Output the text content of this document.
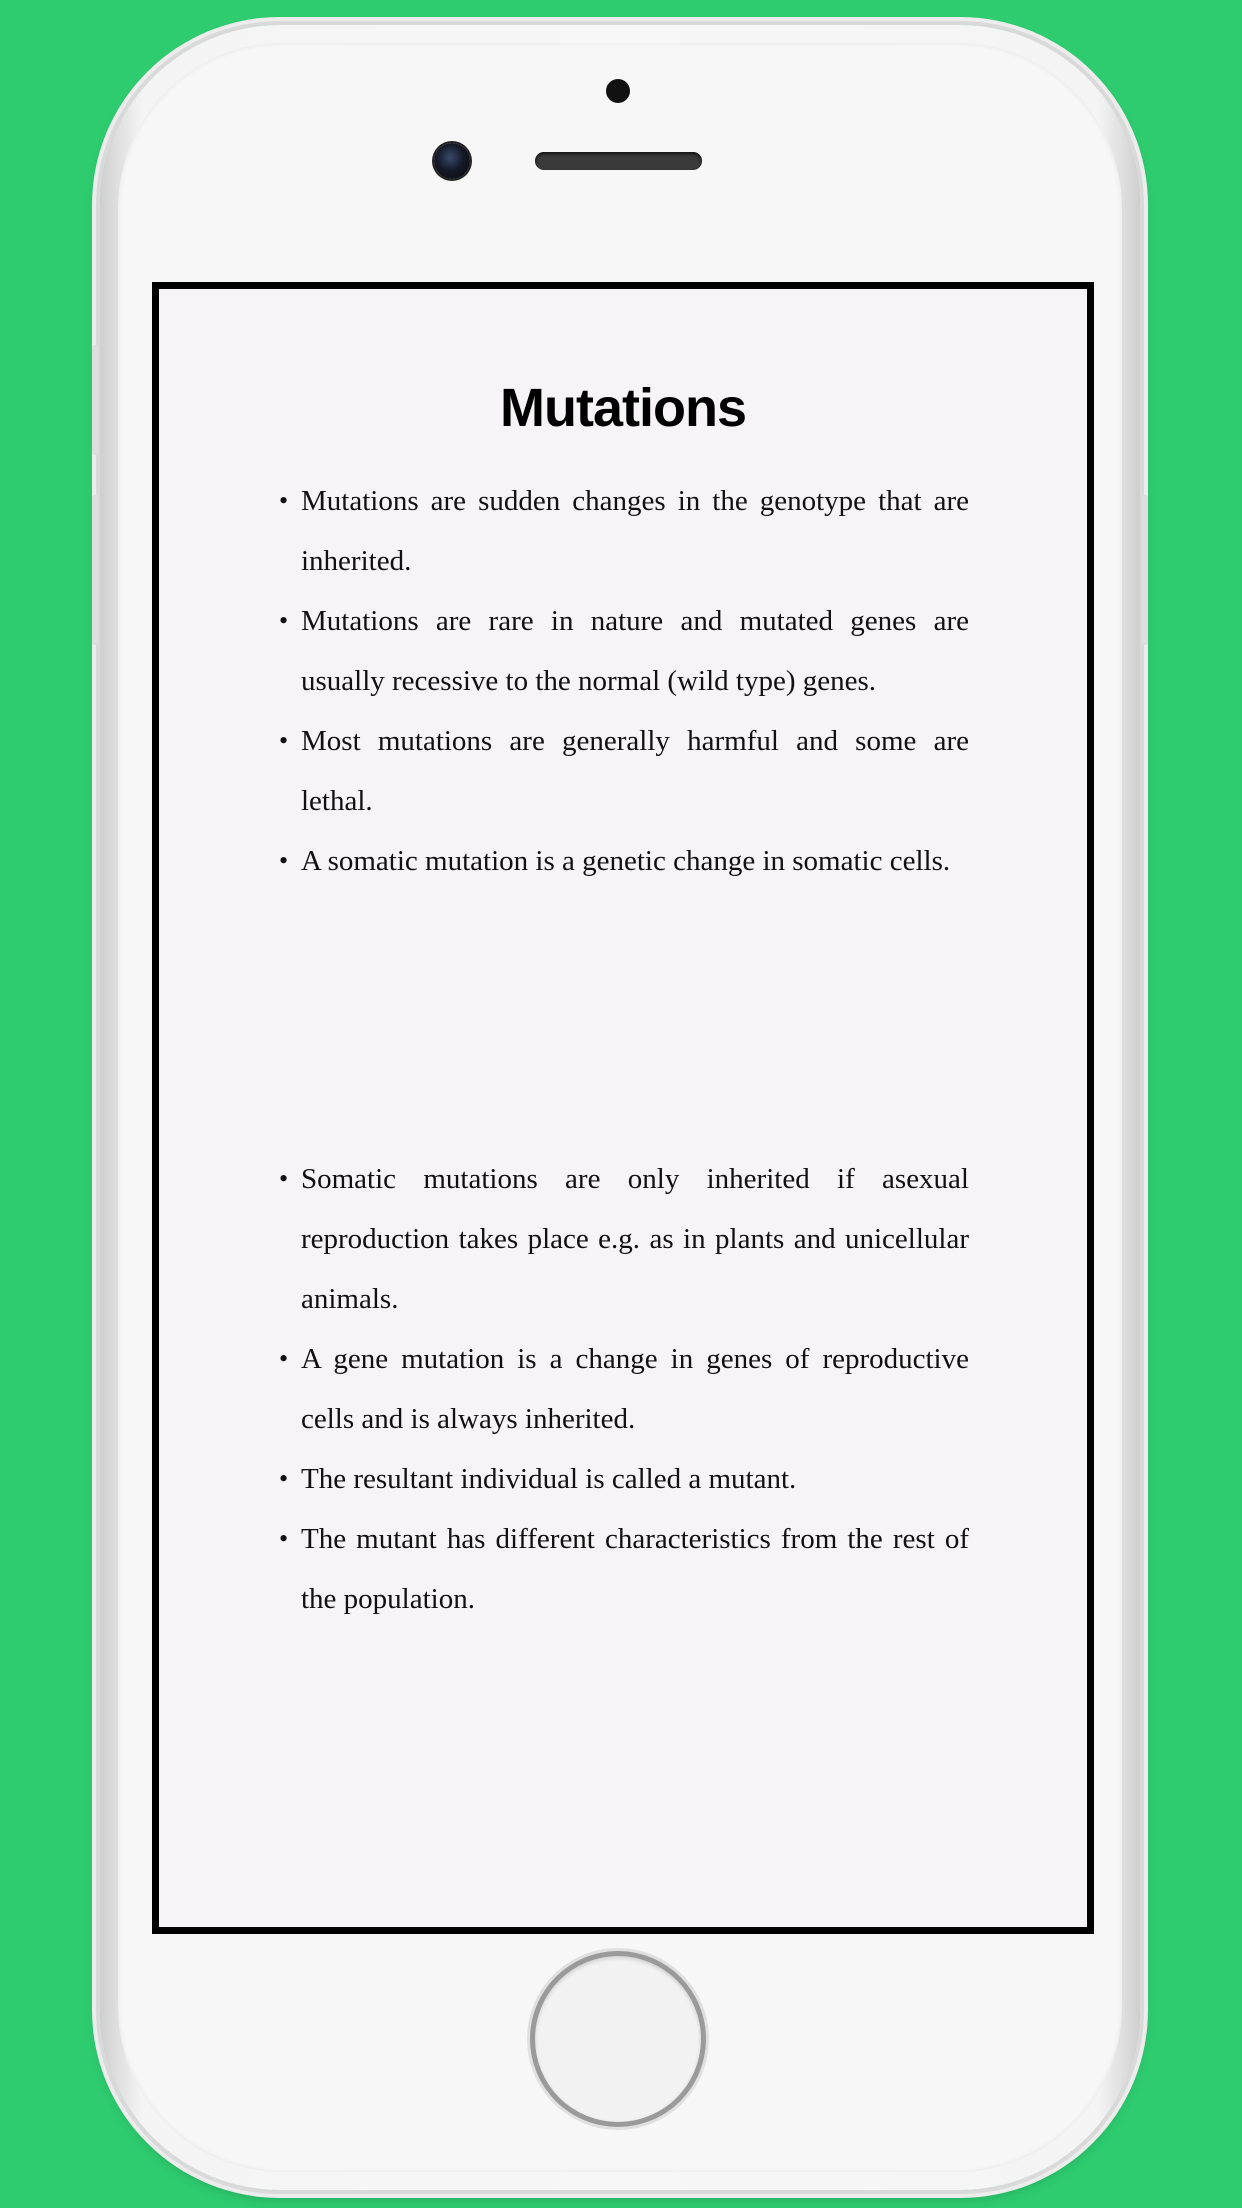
Mutations
• Mutations are sudden changes in the genotype that are inherited.
• Mutations are rare in nature and mutated genes are usually recessive to the normal (wild type) genes.
• Most mutations are generally harmful and some are lethal.
• A somatic mutation is a genetic change in somatic cells.
• Somatic mutations are only inherited if asexual reproduction takes place e.g. as in plants and unicellular animals.
• A gene mutation is a change in genes of reproductive cells and is always inherited.
• The resultant individual is called a mutant.
• The mutant has different characteristics from the rest of the population.
